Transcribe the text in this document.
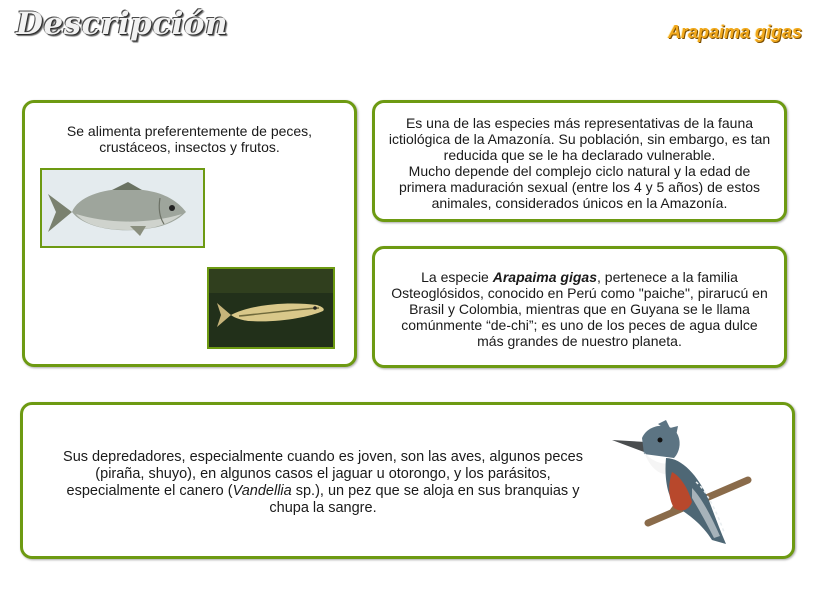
Descripción	Arapaima gigas

Se alimenta preferentemente de peces, crustáceos, insectos y frutos.

Es una de las especies más representativas de la fauna ictiológica de la Amazonía. Su población, sin embargo, es tan reducida que se le ha declarado vulnerable.
Mucho depende del complejo ciclo natural y la edad de primera maduración sexual (entre los 4 y 5 años) de estos animales, considerados únicos en la Amazonía.

La especie Arapaima gigas, pertenece a la familia Osteoglósidos, conocido en Perú como "paiche", pirarucú en Brasil y Colombia, mientras que en Guyana se le llama comúnmente “de-chi”; es uno de los peces de agua dulce más grandes de nuestro planeta.

Sus depredadores, especialmente cuando es joven, son las aves, algunos peces (piraña, shuyo), en algunos casos el jaguar u otorongo, y los parásitos, especialmente el canero (Vandellia sp.), un pez que se aloja en sus branquias y chupa la sangre.
